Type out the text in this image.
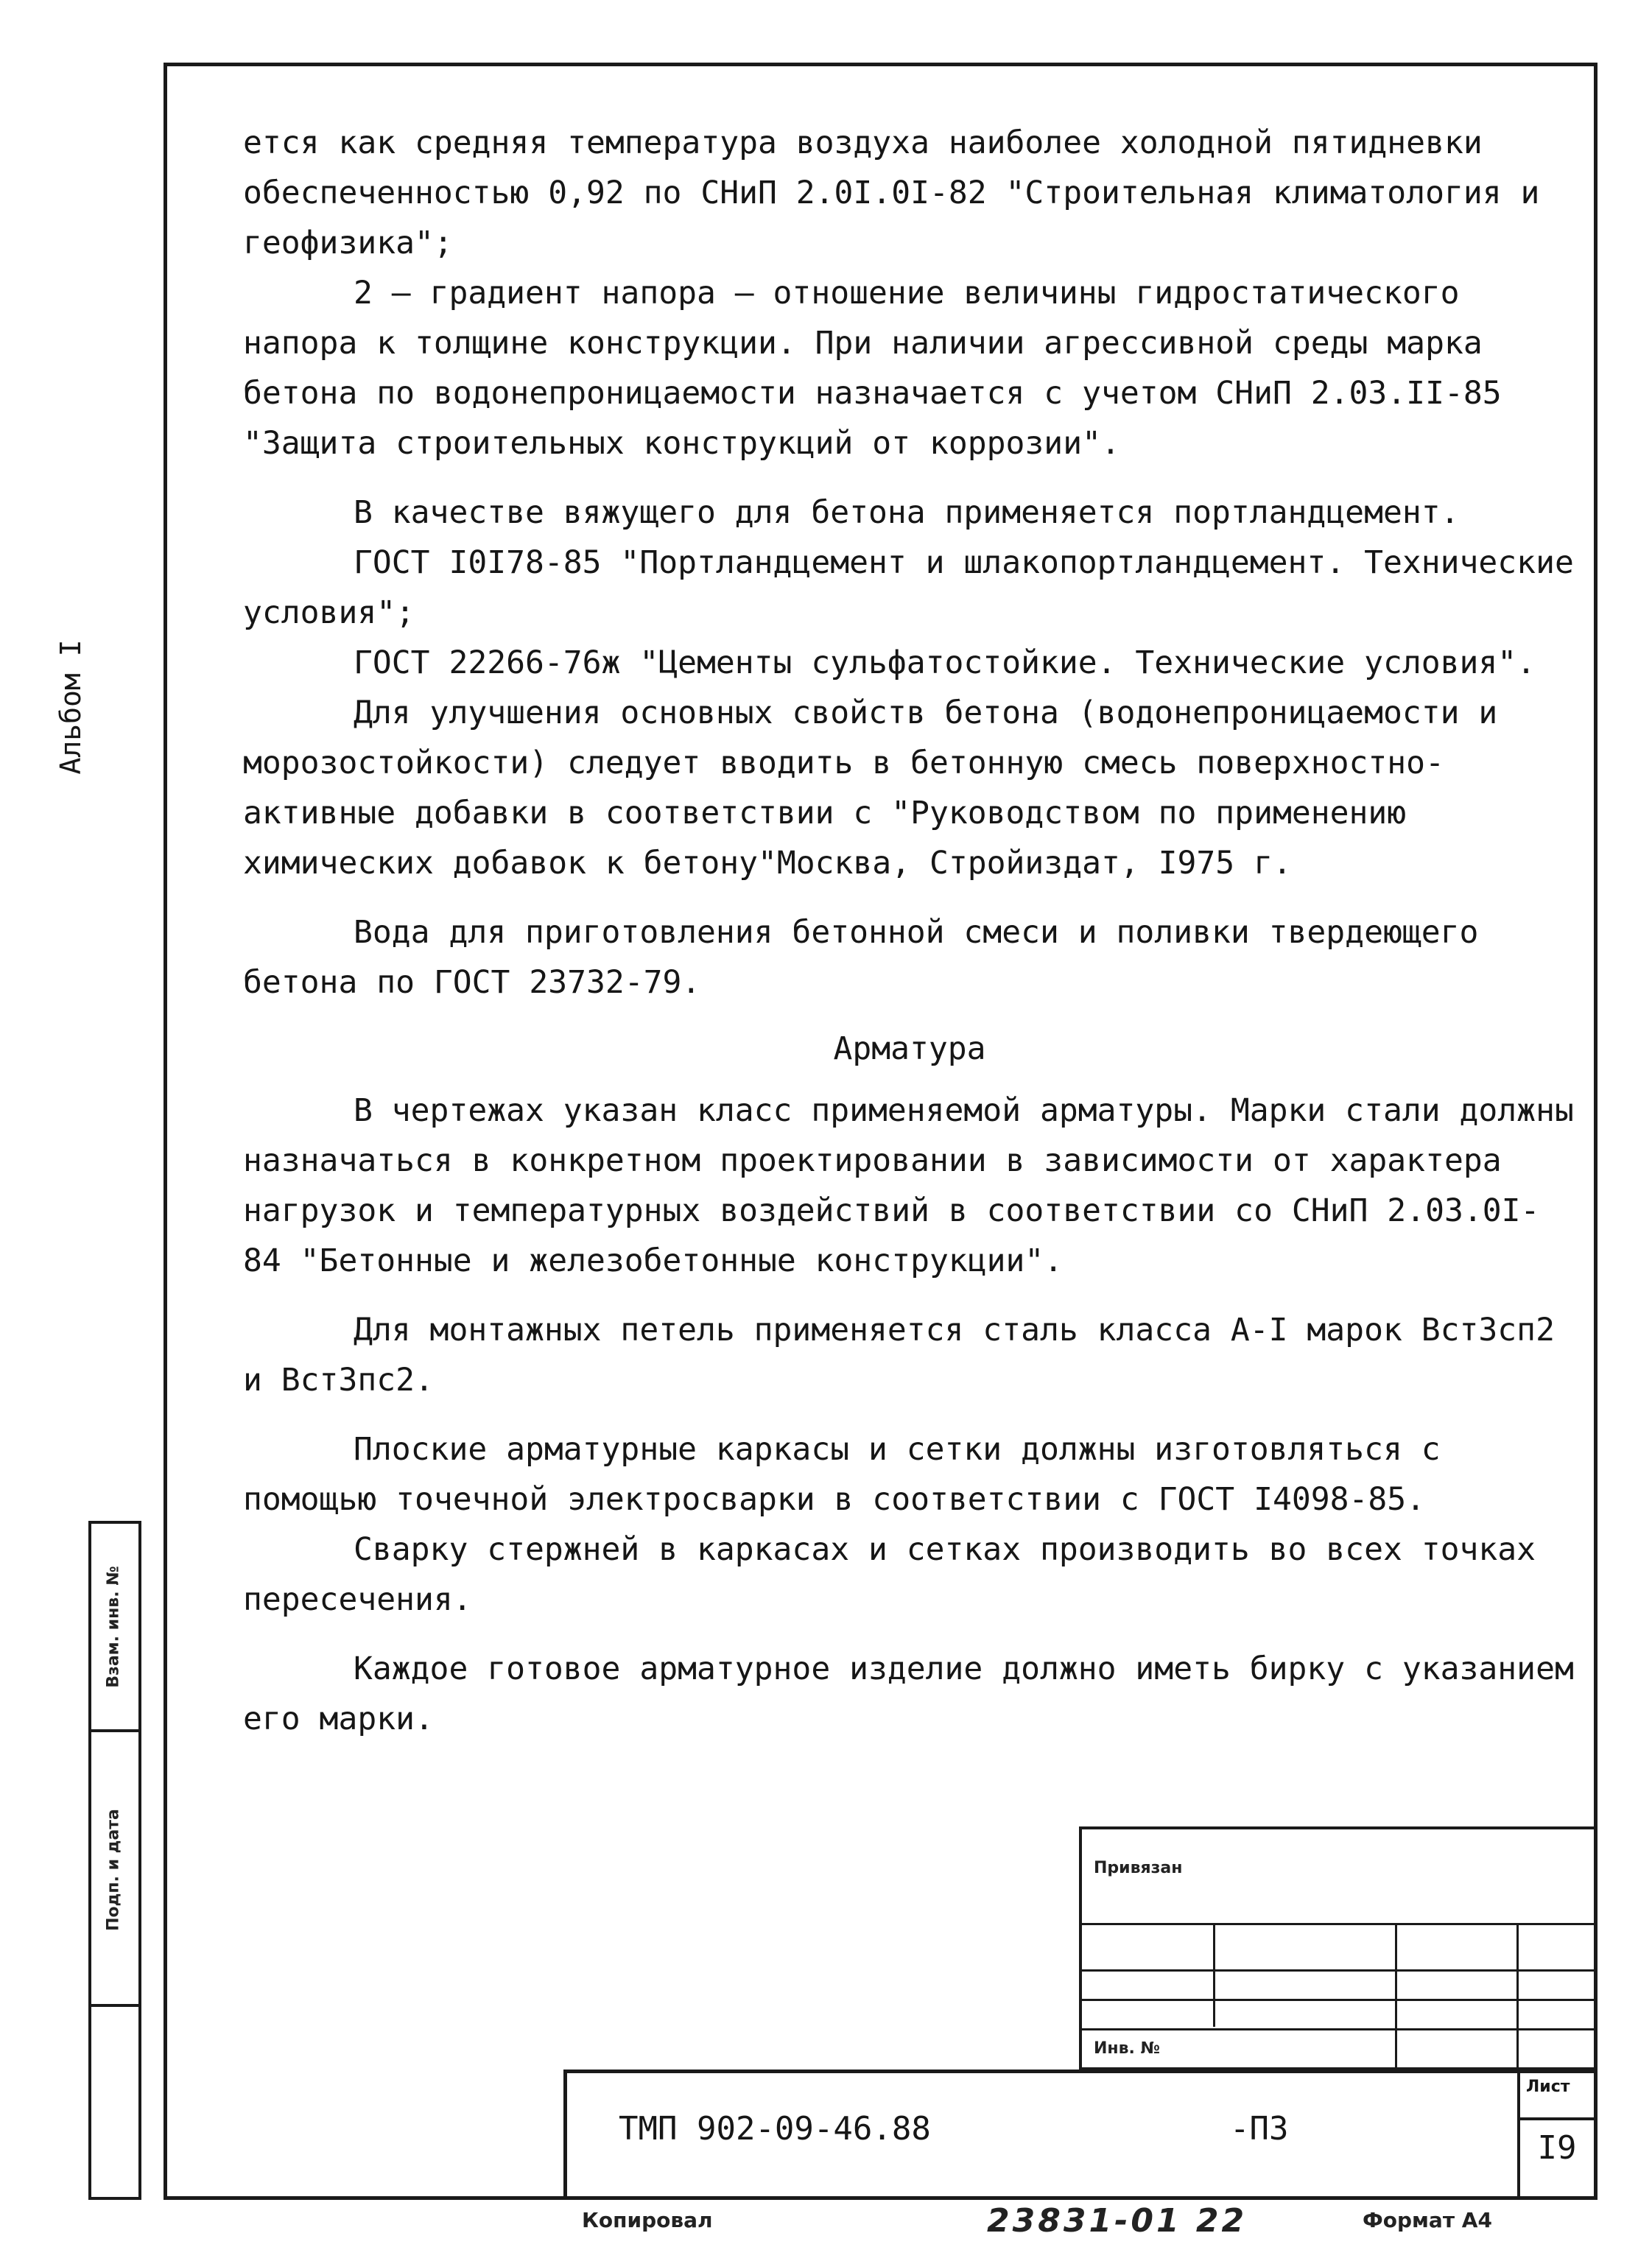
Альбом I

ется как средняя температура воздуха наиболее холодной пятидневки обеспеченностью 0,92 по СНиП 2.0I.0I-82 "Строительная климатология и геофизика";

2 – градиент напора – отношение величины гидростатического напора к толщине конструкции. При наличии агрессивной среды марка бетона по водонепроницаемости назначается с учетом СНиП 2.03.II-85 "Защита строительных конструкций от коррозии".

В качестве вяжущего для бетона применяется портландцемент.

ГОСТ I0I78-85 "Портландцемент и шлакопортландцемент. Технические условия";

ГОСТ 22266-76ж "Цементы сульфатостойкие. Технические условия".

Для улучшения основных свойств бетона (водонепроницаемости и морозостойкости) следует вводить в бетонную смесь поверхностно-активные добавки в соответствии с "Руководством по применению химических добавок к бетону"Москва, Стройиздат, I975 г.

Вода для приготовления бетонной смеси и поливки твердеющего бетона по ГОСТ 23732-79.

Арматура

В чертежах указан класс применяемой арматуры. Марки стали должны назначаться в конкретном проектировании в зависимости от характера нагрузок и температурных воздействий в соответствии со СНиП 2.03.0I-84 "Бетонные и железобетонные конструкции".

Для монтажных петель применяется сталь класса А-I марок ВстЗсп2 и ВстЗпс2.

Плоские арматурные каркасы и сетки должны изготовляться с помощью точечной электросварки в соответствии с ГОСТ I4098-85.

Сварку стержней в каркасах и сетках производить во всех точках пересечения.

Каждое готовое арматурное изделие должно иметь бирку с указанием его марки.

Взам. инв. №
Подп. и дата	Привязан
Инв. №
ТМП 902-09-46.88	-ПЗ
Лист
I9
Копировал	23831-01 22	Формат А4
